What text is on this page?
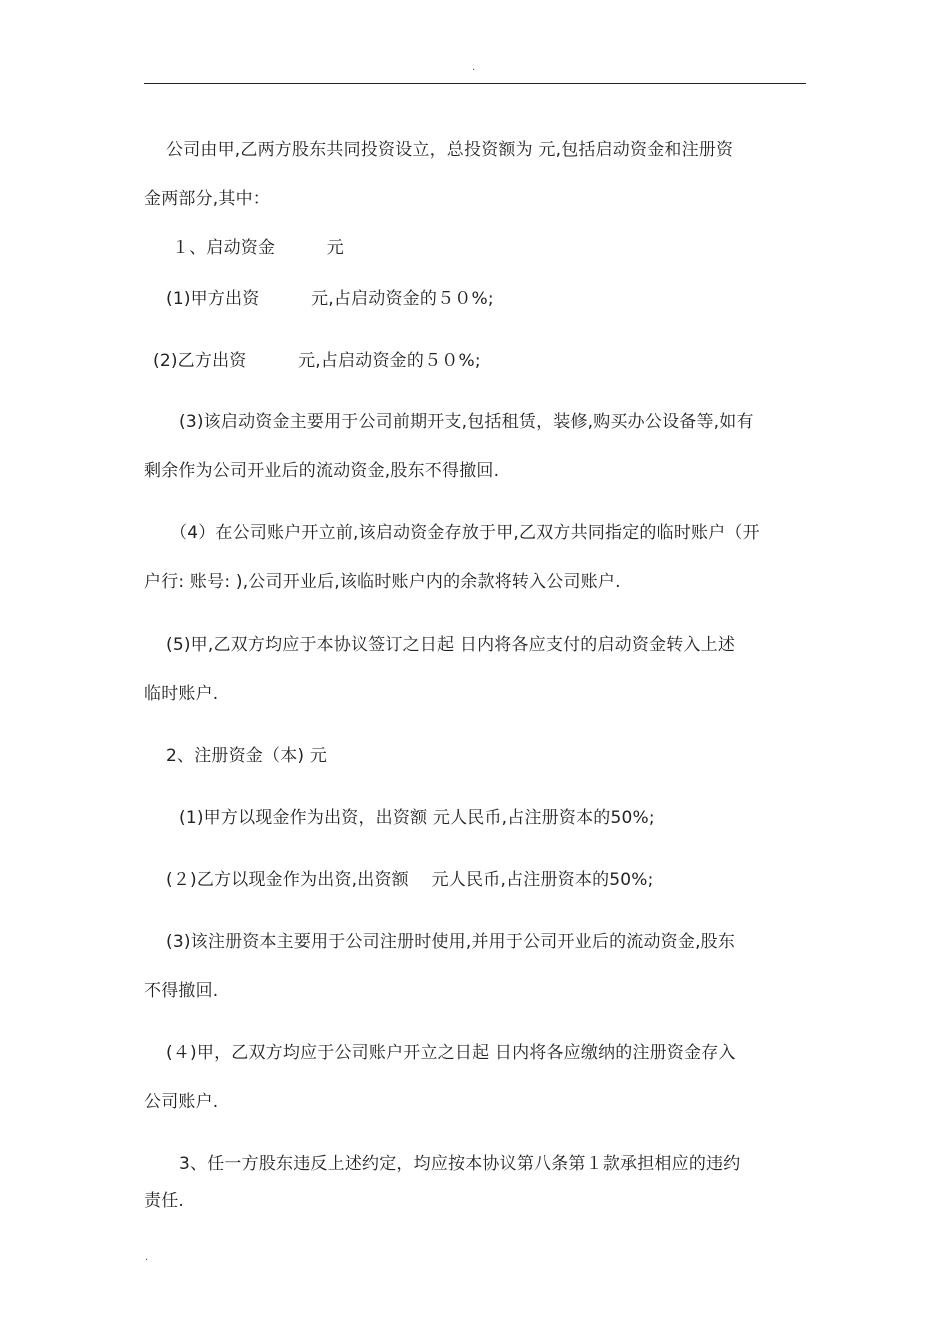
.
公司由甲,乙两方股东共同投资设立，总投资额为 元,包括启动资金和注册资
金两部分,其中：
１、启动资金　　　元
(1)甲方出资　　　元,占启动资金的５０%;
(2)乙方出资　　　元,占启动资金的５０%;
(3)该启动资金主要用于公司前期开支,包括租赁，装修,购买办公设备等,如有
剩余作为公司开业后的流动资金,股东不得撤回.
（4）在公司账户开立前,该启动资金存放于甲,乙双方共同指定的临时账户（开
户行: 账号: ),公司开业后,该临时账户内的余款将转入公司账户.
(5)甲,乙双方均应于本协议签订之日起 日内将各应支付的启动资金转入上述
临时账户.
2、注册资金（本) 元
(1)甲方以现金作为出资，出资额 元人民币,占注册资本的50%;
(２)乙方以现金作为出资,出资额　 元人民币,占注册资本的50%;
(3)该注册资本主要用于公司注册时使用,并用于公司开业后的流动资金,股东
不得撤回.
(４)甲，乙双方均应于公司账户开立之日起 日内将各应缴纳的注册资金存入
公司账户.
3、任一方股东违反上述约定，均应按本协议第八条第１款承担相应的违约
责任.
.
